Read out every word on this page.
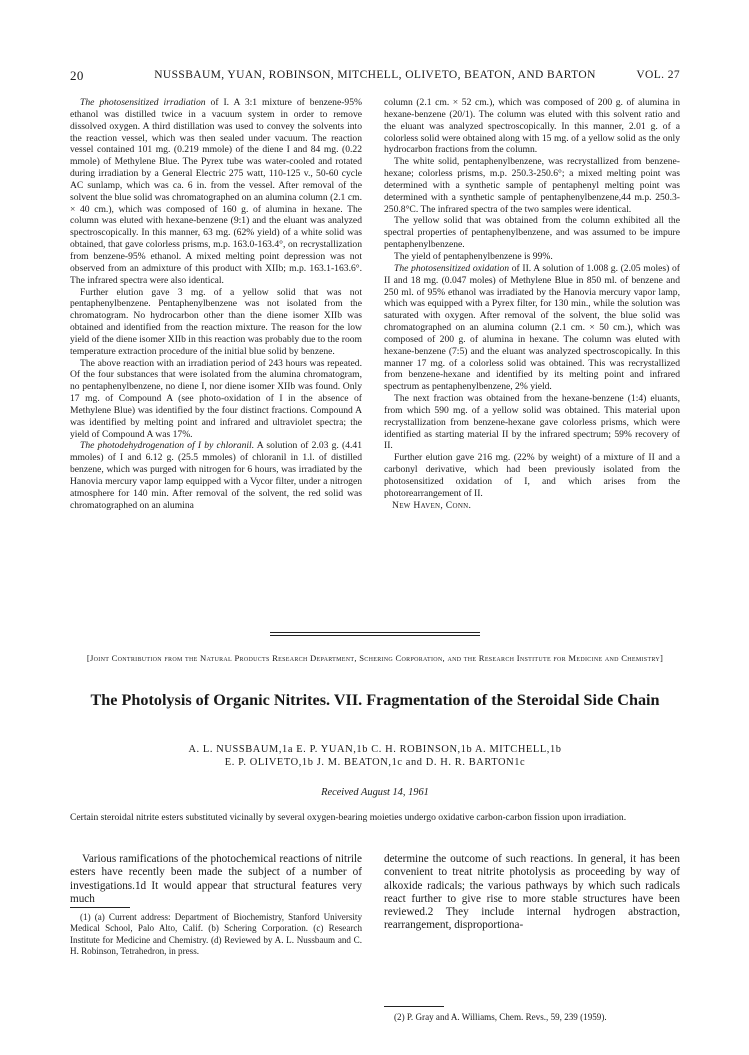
20	NUSSBAUM, YUAN, ROBINSON, MITCHELL, OLIVETO, BEATON, AND BARTON	VOL. 27

The photosensitized irradiation of I. A 3:1 mixture of benzene-95% ethanol was distilled twice in a vacuum system in order to remove dissolved oxygen. A third distillation was used to convey the solvents into the reaction vessel, which was then sealed under vacuum. The reaction vessel contained 101 mg. (0.219 mmole) of the diene I and 84 mg. (0.22 mmole) of Methylene Blue. The Pyrex tube was water-cooled and rotated during irradiation by a General Electric 275 watt, 110-125 v., 50-60 cycle AC sunlamp, which was ca. 6 in. from the vessel. After removal of the solvent the blue solid was chromatographed on an alumina column (2.1 cm. × 40 cm.), which was composed of 160 g. of alumina in hexane. The column was eluted with hexane-benzene (9:1) and the eluant was analyzed spectroscopically. In this manner, 63 mg. (62% yield) of a white solid was obtained, that gave colorless prisms, m.p. 163.0-163.4°, on recrystallization from benzene-95% ethanol. A mixed melting point depression was not observed from an admixture of this product with XIIb; m.p. 163.1-163.6°. The infrared spectra were also identical.

Further elution gave 3 mg. of a yellow solid that was not pentaphenylbenzene. Pentaphenylbenzene was not isolated from the chromatogram. No hydrocarbon other than the diene isomer XIIb was obtained and identified from the reaction mixture. The reason for the low yield of the diene isomer XIIb in this reaction was probably due to the room temperature extraction procedure of the initial blue solid by benzene.

The above reaction with an irradiation period of 243 hours was repeated. Of the four substances that were isolated from the alumina chromatogram, no pentaphenylbenzene, no diene I, nor diene isomer XIIb was found. Only 17 mg. of Compound A (see photo-oxidation of I in the absence of Methylene Blue) was identified by the four distinct fractions. Compound A was identified by melting point and infrared and ultraviolet spectra; the yield of Compound A was 17%.

The photodehydrogenation of I by chloranil. A solution of 2.03 g. (4.41 mmoles) of I and 6.12 g. (25.5 mmoles) of chloranil in 1.l. of distilled benzene, which was purged with nitrogen for 6 hours, was irradiated by the Hanovia mercury vapor lamp equipped with a Vycor filter, under a nitrogen atmosphere for 140 min. After removal of the solvent, the red solid was chromatographed on an alumina

column (2.1 cm. × 52 cm.), which was composed of 200 g. of alumina in hexane-benzene (20/1). The column was eluted with this solvent ratio and the eluant was analyzed spectroscopically. In this manner, 2.01 g. of a colorless solid were obtained along with 15 mg. of a yellow solid as the only hydrocarbon fractions from the column.

The white solid, pentaphenylbenzene, was recrystallized from benzene-hexane; colorless prisms, m.p. 250.3-250.6°; a mixed melting point was determined with a synthetic sample of pentaphenyl melting point was determined with a synthetic sample of pentaphenylbenzene,44 m.p. 250.3-250.8°C. The infrared spectra of the two samples were identical.

The yellow solid that was obtained from the column exhibited all the spectral properties of pentaphenylbenzene, and was assumed to be impure pentaphenylbenzene.

The yield of pentaphenylbenzene is 99%.

The photosensitized oxidation of II. A solution of 1.008 g. (2.05 moles) of II and 18 mg. (0.047 moles) of Methylene Blue in 850 ml. of benzene and 250 ml. of 95% ethanol was irradiated by the Hanovia mercury vapor lamp, which was equipped with a Pyrex filter, for 130 min., while the solution was saturated with oxygen. After removal of the solvent, the blue solid was chromatographed on an alumina column (2.1 cm. × 50 cm.), which was composed of 200 g. of alumina in hexane. The column was eluted with hexane-benzene (7:5) and the eluant was analyzed spectroscopically. In this manner 17 mg. of a colorless solid was obtained. This was recrystallized from benzene-hexane and identified by its melting point and infrared spectrum as pentaphenylbenzene, 2% yield.

The next fraction was obtained from the hexane-benzene (1:4) eluants, from which 590 mg. of a yellow solid was obtained. This material upon recrystallization from benzene-hexane gave colorless prisms, which were identified as starting material II by the infrared spectrum; 59% recovery of II.

Further elution gave 216 mg. (22% by weight) of a mixture of II and a carbonyl derivative, which had been previously isolated from the photosensitized oxidation of I, and which arises from the photorearrangement of II.

New Haven, Conn.

[Joint Contribution from the Natural Products Research Department, Schering Corporation, and the Research Institute for Medicine and Chemistry]
The Photolysis of Organic Nitrites. VII. Fragmentation of the Steroidal Side Chain
A. L. NUSSBAUM,1a E. P. YUAN,1b C. H. ROBINSON,1b A. MITCHELL,1b
E. P. OLIVETO,1b J. M. BEATON,1c and D. H. R. BARTON1c
Received August 14, 1961
Certain steroidal nitrite esters substituted vicinally by several oxygen-bearing moieties undergo oxidative carbon-carbon fission upon irradiation.

Various ramifications of the photochemical reactions of nitrile esters have recently been made the subject of a number of investigations.1d It would appear that structural features very much

determine the outcome of such reactions. In general, it has been convenient to treat nitrite photolysis as proceeding by way of alkoxide radicals; the various pathways by which such radicals react further to give rise to more stable structures have been reviewed.2 They include internal hydrogen abstraction, rearrangement, disproportiona-

(1) (a) Current address: Department of Biochemistry, Stanford University Medical School, Palo Alto, Calif. (b) Schering Corporation. (c) Research Institute for Medicine and Chemistry. (d) Reviewed by A. L. Nussbaum and C. H. Robinson, Tetrahedron, in press.

(2) P. Gray and A. Williams, Chem. Revs., 59, 239 (1959).
